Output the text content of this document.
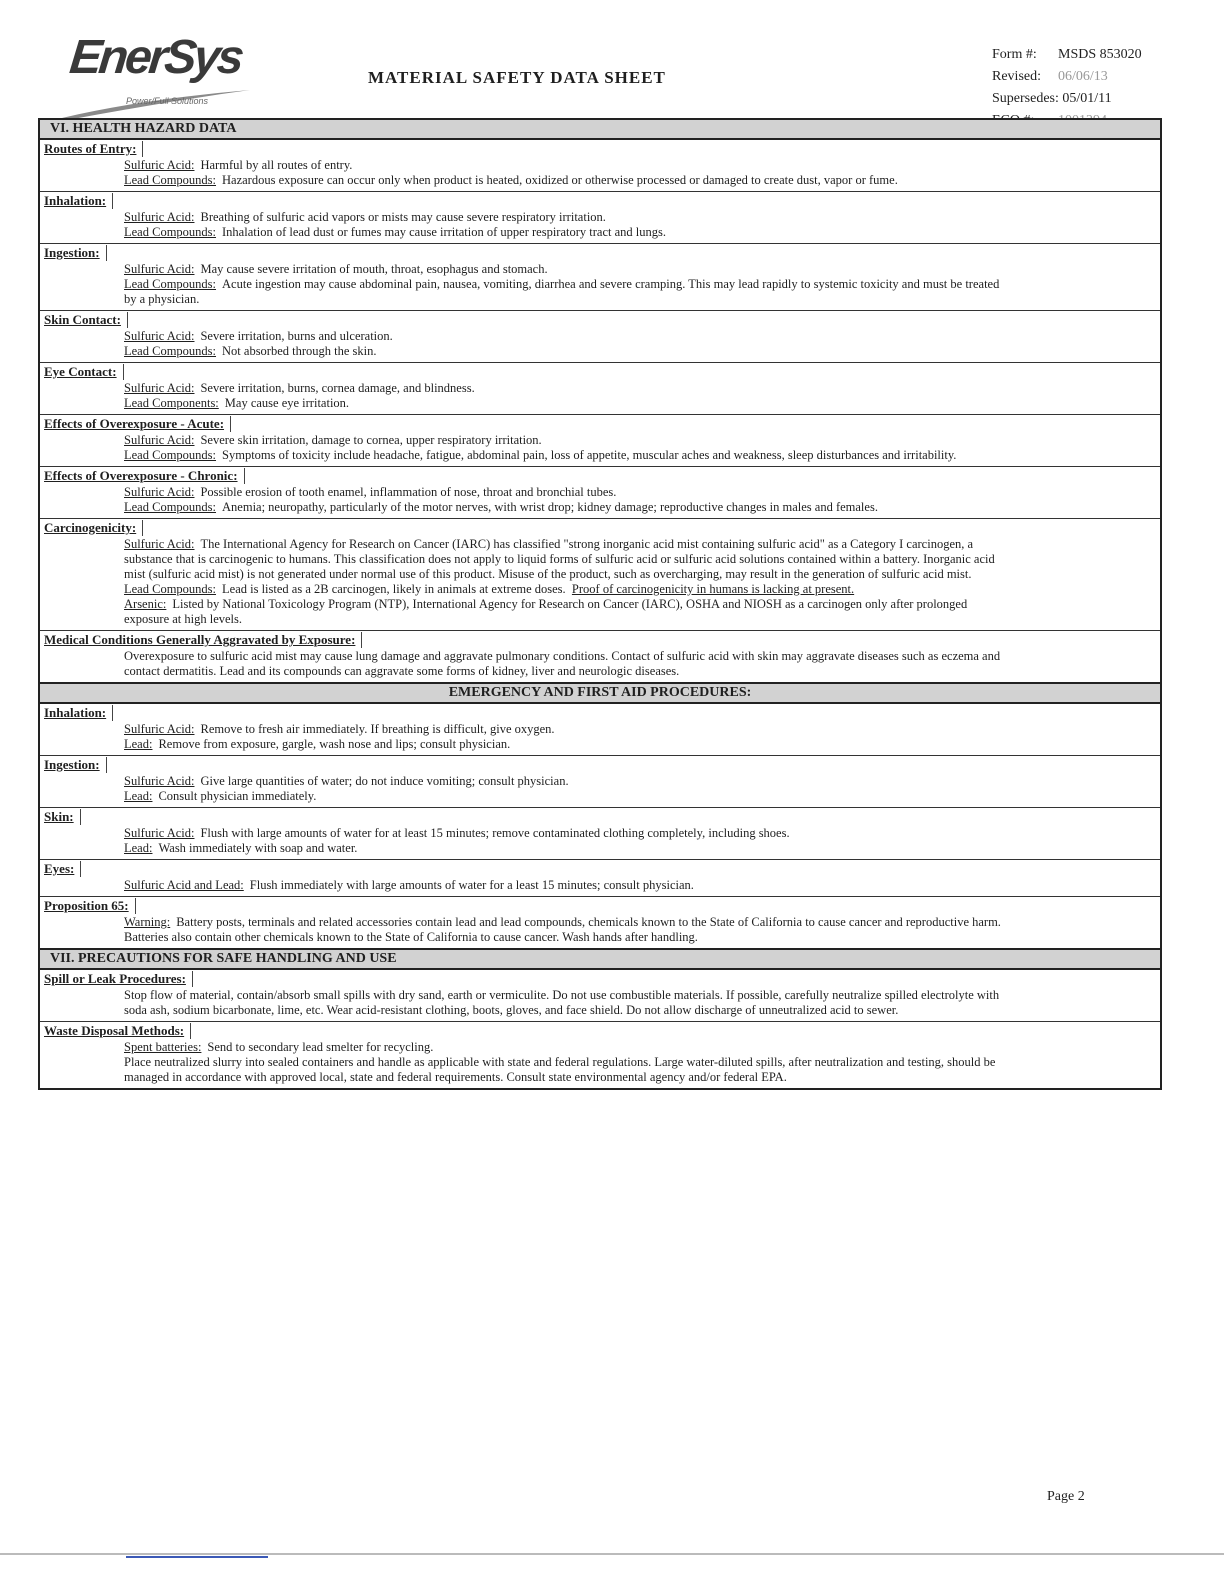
EnerSys
Power/Full Solutions
MATERIAL SAFETY DATA SHEET
Form #:	MSDS 853020
Revised:	06/06/13
Supersedes:
05/01/11
VI. HEALTH HAZARD DATA
Routes of Entry:
Sulfuric Acid: Harmful by all routes of entry.
Lead Compounds: Hazardous exposure can occur only when product is heated, oxidized or otherwise processed or damaged to create dust, vapor or fume.
Inhalation:
Sulfuric Acid: Breathing of sulfuric acid vapors or mists may cause severe respiratory irritation.
Lead Compounds: Inhalation of lead dust or fumes may cause irritation of upper respiratory tract and lungs.
Ingestion:
Sulfuric Acid: May cause severe irritation of mouth, throat, esophagus and stomach.
Lead Compounds: Acute ingestion may cause abdominal pain, nausea, vomiting, diarrhea and severe cramping. This may lead rapidly to systemic toxicity and must be treated by a physician.
Skin Contact:
Sulfuric Acid: Severe irritation, burns and ulceration.
Lead Compounds: Not absorbed through the skin.
Eye Contact:
Sulfuric Acid: Severe irritation, burns, cornea damage, and blindness.
Lead Components: May cause eye irritation.
Effects of Overexposure - Acute:
Sulfuric Acid: Severe skin irritation, damage to cornea, upper respiratory irritation.
Lead Compounds: Symptoms of toxicity include headache, fatigue, abdominal pain, loss of appetite, muscular aches and weakness, sleep disturbances and irritability.
Effects of Overexposure - Chronic:
Sulfuric Acid: Possible erosion of tooth enamel, inflammation of nose, throat and bronchial tubes.
Lead Compounds: Anemia; neuropathy, particularly of the motor nerves, with wrist drop; kidney damage; reproductive changes in males and females.
Carcinogenicity:
Sulfuric Acid: The International Agency for Research on Cancer (IARC) has classified "strong inorganic acid mist containing sulfuric acid" as a Category I carcinogen, a substance that is carcinogenic to humans. This classification does not apply to liquid forms of sulfuric acid or sulfuric acid solutions contained within a battery. Inorganic acid mist (sulfuric acid mist) is not generated under normal use of this product. Misuse of the product, such as overcharging, may result in the generation of sulfuric acid mist.
Lead Compounds: Lead is listed as a 2B carcinogen, likely in animals at extreme doses. Proof of carcinogenicity in humans is lacking at present.
Arsenic: Listed by National Toxicology Program (NTP), International Agency for Research on Cancer (IARC), OSHA and NIOSH as a carcinogen only after prolonged exposure at high levels.
Medical Conditions Generally Aggravated by Exposure:
Overexposure to sulfuric acid mist may cause lung damage and aggravate pulmonary conditions. Contact of sulfuric acid with skin may aggravate diseases such as eczema and contact dermatitis. Lead and its compounds can aggravate some forms of kidney, liver and neurologic diseases.
EMERGENCY AND FIRST AID PROCEDURES:
Inhalation:
Sulfuric Acid: Remove to fresh air immediately. If breathing is difficult, give oxygen.
Lead: Remove from exposure, gargle, wash nose and lips; consult physician.
Ingestion:
Sulfuric Acid: Give large quantities of water; do not induce vomiting; consult physician.
Lead: Consult physician immediately.
Skin:
Sulfuric Acid: Flush with large amounts of water for at least 15 minutes; remove contaminated clothing completely, including shoes.
Lead: Wash immediately with soap and water.
Eyes:
Sulfuric Acid and Lead: Flush immediately with large amounts of water for a least 15 minutes; consult physician.
Proposition 65:
Warning: Battery posts, terminals and related accessories contain lead and lead compounds, chemicals known to the State of California to cause cancer and reproductive harm. Batteries also contain other chemicals known to the State of California to cause cancer. Wash hands after handling.
VII. PRECAUTIONS FOR SAFE HANDLING AND USE
Spill or Leak Procedures:
Stop flow of material, contain/absorb small spills with dry sand, earth or vermiculite. Do not use combustible materials. If possible, carefully neutralize spilled electrolyte with soda ash, sodium bicarbonate, lime, etc. Wear acid-resistant clothing, boots, gloves, and face shield. Do not allow discharge of unneutralized acid to sewer.
Waste Disposal Methods:
Spent batteries: Send to secondary lead smelter for recycling.
Place neutralized slurry into sealed containers and handle as applicable with state and federal regulations. Large water-diluted spills, after neutralization and testing, should be managed in accordance with approved local, state and federal requirements. Consult state environmental agency and/or federal EPA.
Page 2
